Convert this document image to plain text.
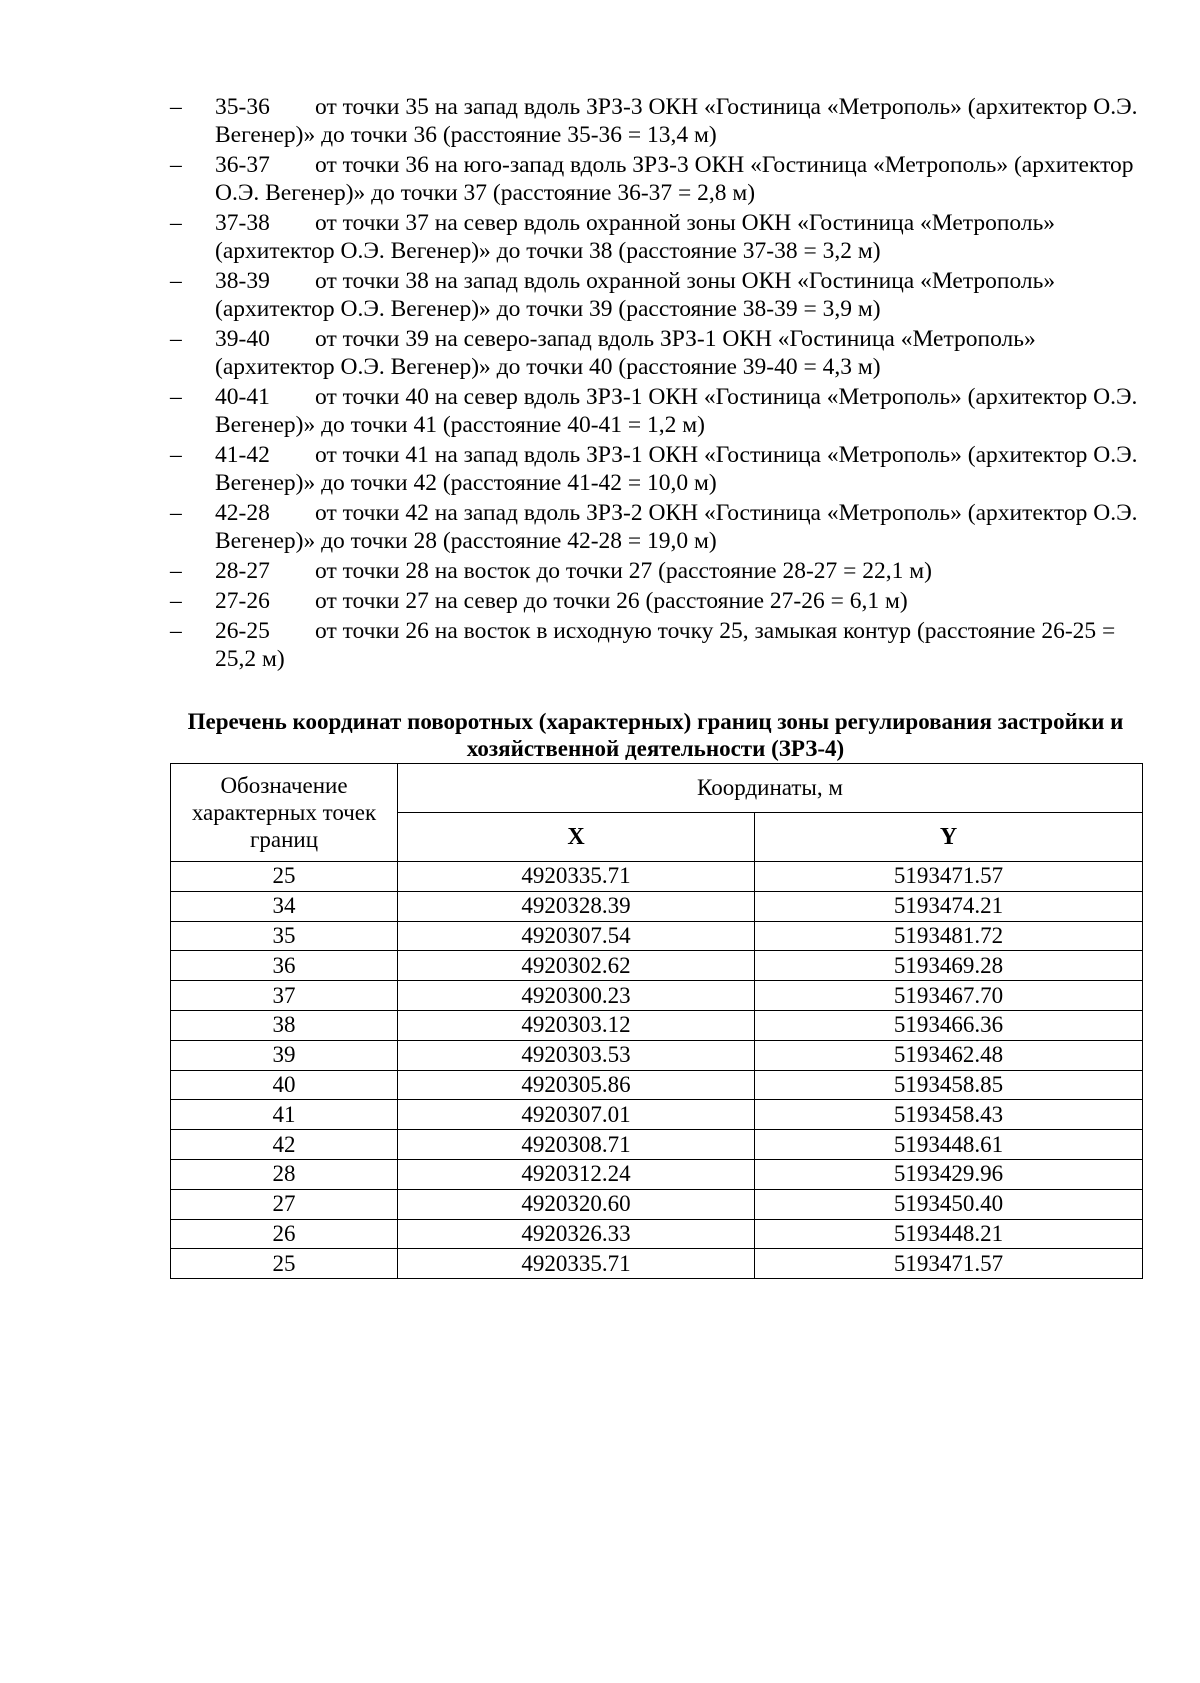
– 35-36 от точки 35 на запад вдоль ЗРЗ-3 ОКН «Гостиница «Метрополь» (архитектор О.Э. Вегенер)» до точки 36 (расстояние 35-36 = 13,4 м)
– 36-37 от точки 36 на юго-запад вдоль ЗРЗ-3 ОКН «Гостиница «Метрополь» (архитектор О.Э. Вегенер)» до точки 37 (расстояние 36-37 = 2,8 м)
– 37-38 от точки 37 на север вдоль охранной зоны ОКН «Гостиница «Метрополь» (архитектор О.Э. Вегенер)» до точки 38 (расстояние 37-38 = 3,2 м)
– 38-39 от точки 38 на запад вдоль охранной зоны ОКН «Гостиница «Метрополь» (архитектор О.Э. Вегенер)» до точки 39 (расстояние 38-39 = 3,9 м)
– 39-40 от точки 39 на северо-запад вдоль ЗРЗ-1 ОКН «Гостиница «Метрополь» (архитектор О.Э. Вегенер)» до точки 40 (расстояние 39-40 = 4,3 м)
– 40-41 от точки 40 на север вдоль ЗРЗ-1 ОКН «Гостиница «Метрополь» (архитектор О.Э. Вегенер)» до точки 41 (расстояние 40-41 = 1,2 м)
– 41-42 от точки 41 на запад вдоль ЗРЗ-1 ОКН «Гостиница «Метрополь» (архитектор О.Э. Вегенер)» до точки 42 (расстояние 41-42 = 10,0 м)
– 42-28 от точки 42 на запад вдоль ЗРЗ-2 ОКН «Гостиница «Метрополь» (архитектор О.Э. Вегенер)» до точки 28 (расстояние 42-28 = 19,0 м)
– 28-27 от точки 28 на восток до точки 27 (расстояние 28-27 = 22,1 м)
– 27-26 от точки 27 на север до точки 26 (расстояние 27-26 = 6,1 м)
– 26-25 от точки 26 на восток в исходную точку 25, замыкая контур (расстояние 26-25 = 25,2 м)
Перечень координат поворотных (характерных) границ зоны регулирования застройки и хозяйственной деятельности (ЗРЗ-4)
Обозначение характерных точек границ	Координаты, м	
	X	Y
25	4920335.71	5193471.57
34	4920328.39	5193474.21
35	4920307.54	5193481.72
36	4920302.62	5193469.28
37	4920300.23	5193467.70
38	4920303.12	5193466.36
39	4920303.53	5193462.48
40	4920305.86	5193458.85
41	4920307.01	5193458.43
42	4920308.71	5193448.61
28	4920312.24	5193429.96
27	4920320.60	5193450.40
26	4920326.33	5193448.21
25	4920335.71	5193471.57
